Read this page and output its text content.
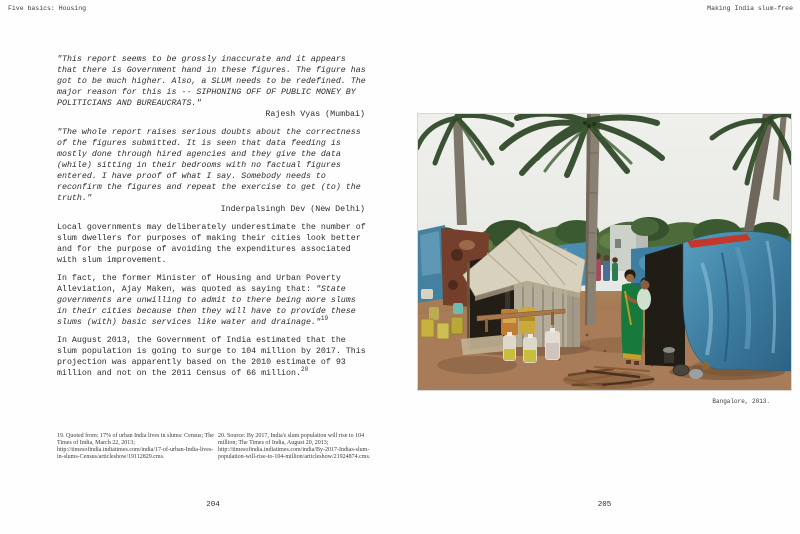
Five basics: Housing	Making India slum-free

"This report seems to be grossly inaccurate and it appears that there is Government hand in these figures. The figure has got to be much higher. Also, a SLUM needs to be redefined. The major reason for this is -- SIPHONING OFF OF PUBLIC MONEY BY POLITICIANS AND BUREAUCRATS."

Rajesh Vyas (Mumbai)

"The whole report raises serious doubts about the correctness of the figures submitted. It is seen that data feeding is mostly done through hired agencies and they give the data (while) sitting in their bedrooms with no factual figures entered. I have proof of what I say. Somebody needs to reconfirm the figures and repeat the exercise to get (to) the truth."

Inderpalsingh Dev (New Delhi)

Local governments may deliberately underestimate the number of slum dwellers for purposes of making their cities look better and for the purpose of avoiding the expenditures associated with slum improvement.

In fact, the former Minister of Housing and Urban Poverty Alleviation, Ajay Maken, was quoted as saying that: "State governments are unwilling to admit to there being more slums in their cities because then they will have to provide these slums (with) basic services like water and drainage."$^{19}$

In August 2013, the Government of India estimated that the slum population is going to surge to 104 million by 2017. This projection was apparently based on the 2010 estimate of 93 million and not on the 2011 Census of 66 million.$^{20}$

19. Quoted from: 17% of urban India lives in slums: Census; The Times of India, March 22, 2013; http://timesofindia.indiatimes.com/india/17-of-urban-India-lives-in-slums-Census/articleshow/19112829.cms.
20. Source: By 2017, India's slum population will rise to 104 million; The Times of India, August 20, 2013; http://timesofindia.indiatimes.com/india/By-2017-Indias-slum-population-will-rise-to-104-million/articleshow/21924874.cms.
204	205
Bangalore, 2013.
